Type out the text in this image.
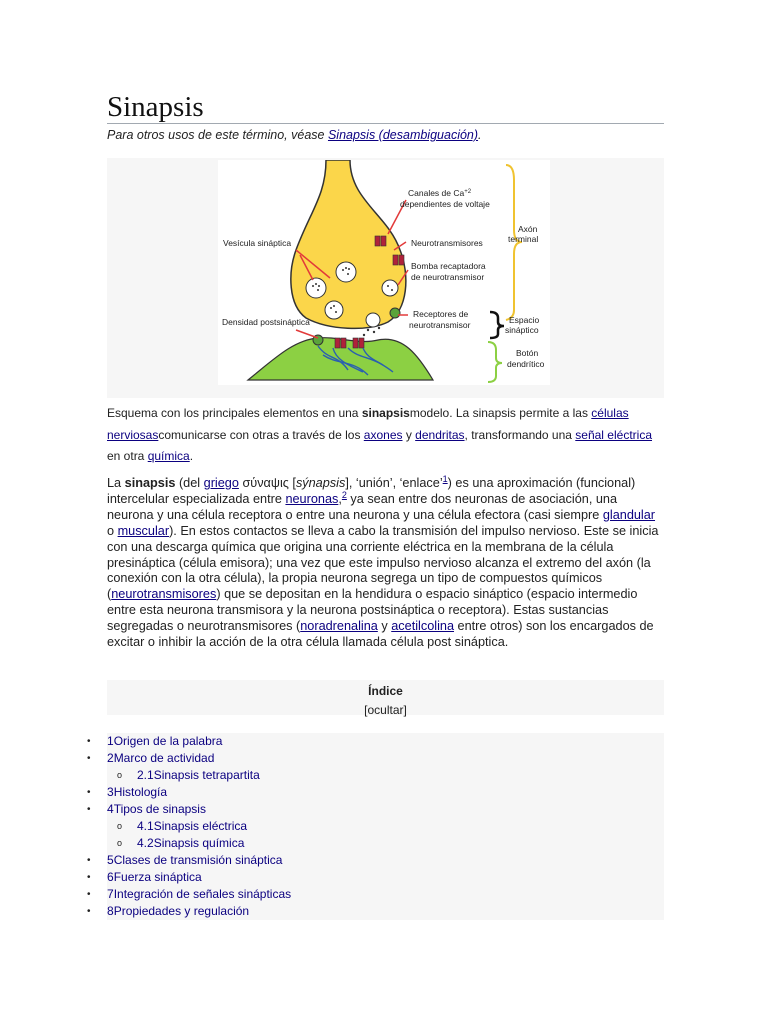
Sinapsis
Para otros usos de este término, véase Sinapsis (desambiguación).
Canales de $Ca^{+2}$
dependientes de voltaje
Axón
terminal
Vesícula sináptica	Neurotransmisores
Bomba recaptadora
de neurotransmisor
Densidad postsináptica
Receptores de
neurotransmisor	Espacio
sináptico
Botón
dendrítico
Esquema con los principales elementos en una sinapsismodelo. La sinapsis permite a las células nerviosascomunicarse con otras a través de los axones y dendritas, transformando una señal eléctrica en otra química.
La sinapsis (del griego σύναψις [sýnapsis], ‘unión’, ‘enlace’$^1$) es una aproximación (funcional) intercelular especializada entre neuronas,$^2$ ya sean entre dos neuronas de asociación, una neurona y una célula receptora o entre una neurona y una célula efectora (casi siempre glandular o muscular). En estos contactos se lleva a cabo la transmisión del impulso nervioso. Este se inicia con una descarga química que origina una corriente eléctrica en la membrana de la célula presináptica (célula emisora); una vez que este impulso nervioso alcanza el extremo del axón (la conexión con la otra célula), la propia neurona segrega un tipo de compuestos químicos (neurotransmisores) que se depositan en la hendidura o espacio sináptico (espacio intermedio entre esta neurona transmisora y la neurona postsináptica o receptora). Estas sustancias segregadas o neurotransmisores (noradrenalina y acetilcolina entre otros) son los encargados de excitar o inhibir la acción de la otra célula llamada célula post sináptica.
Índice
[ocultar]
• 1Origen de la palabra
• 2Marco de actividad
o 2.1Sinapsis tetrapartita
• 3Histología
• 4Tipos de sinapsis
o 4.1Sinapsis eléctrica
o 4.2Sinapsis química
• 5Clases de transmisión sináptica
• 6Fuerza sináptica
• 7Integración de señales sinápticas
• 8Propiedades y regulación
